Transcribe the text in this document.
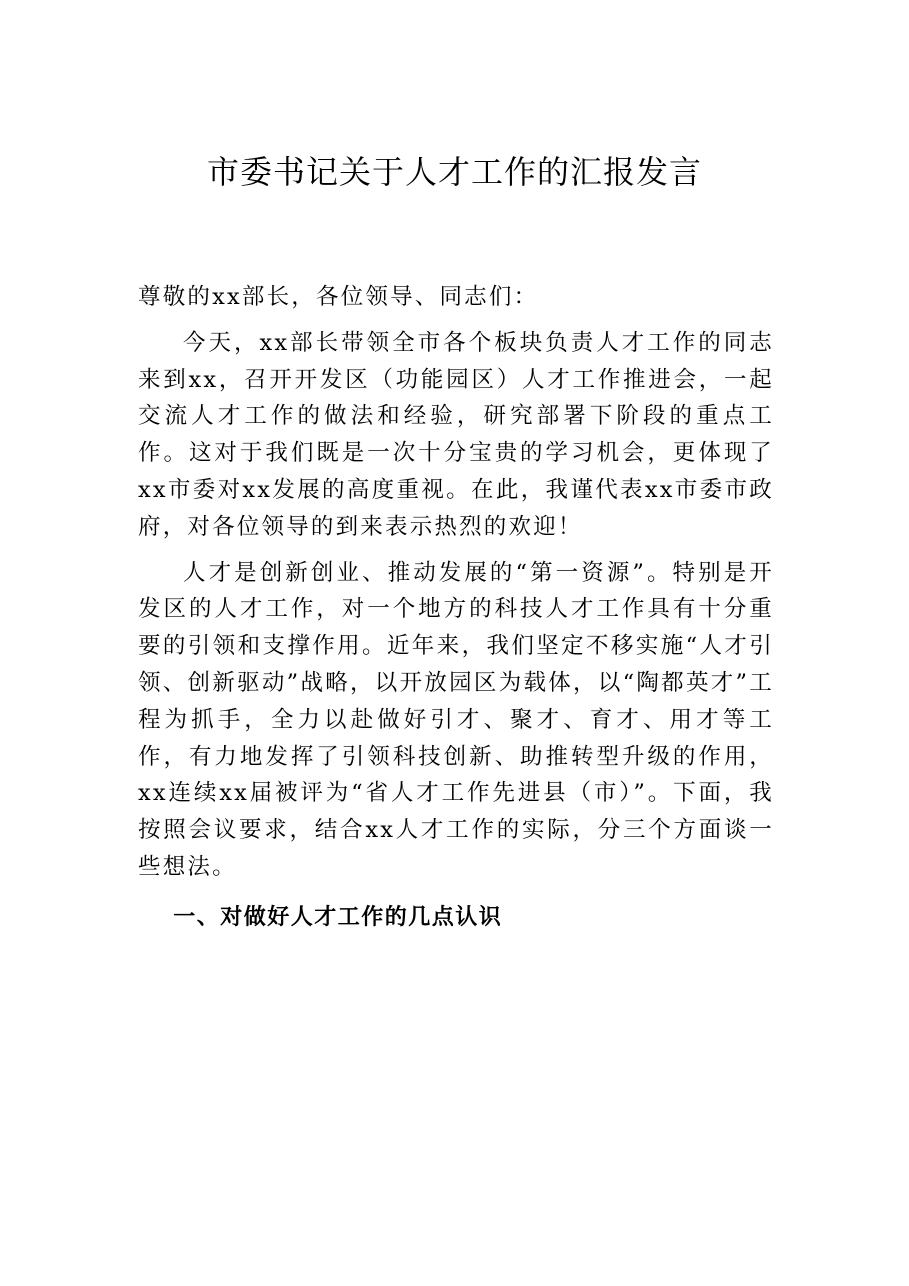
市委书记关于人才工作的汇报发言

尊敬的xx部长，各位领导、同志们：

今天，xx部长带领全市各个板块负责人才工作的同志来到xx，召开开发区（功能园区）人才工作推进会，一起交流人才工作的做法和经验，研究部署下阶段的重点工作。这对于我们既是一次十分宝贵的学习机会，更体现了xx市委对xx发展的高度重视。在此，我谨代表xx市委市政府，对各位领导的到来表示热烈的欢迎！

人才是创新创业、推动发展的“第一资源”。特别是开发区的人才工作，对一个地方的科技人才工作具有十分重要的引领和支撑作用。近年来，我们坚定不移实施“人才引领、创新驱动”战略，以开放园区为载体，以“陶都英才”工程为抓手，全力以赴做好引才、聚才、育才、用才等工作，有力地发挥了引领科技创新、助推转型升级的作用，xx连续xx届被评为“省人才工作先进县（市）”。下面，我按照会议要求，结合xx人才工作的实际，分三个方面谈一些想法。

一、对做好人才工作的几点认识
